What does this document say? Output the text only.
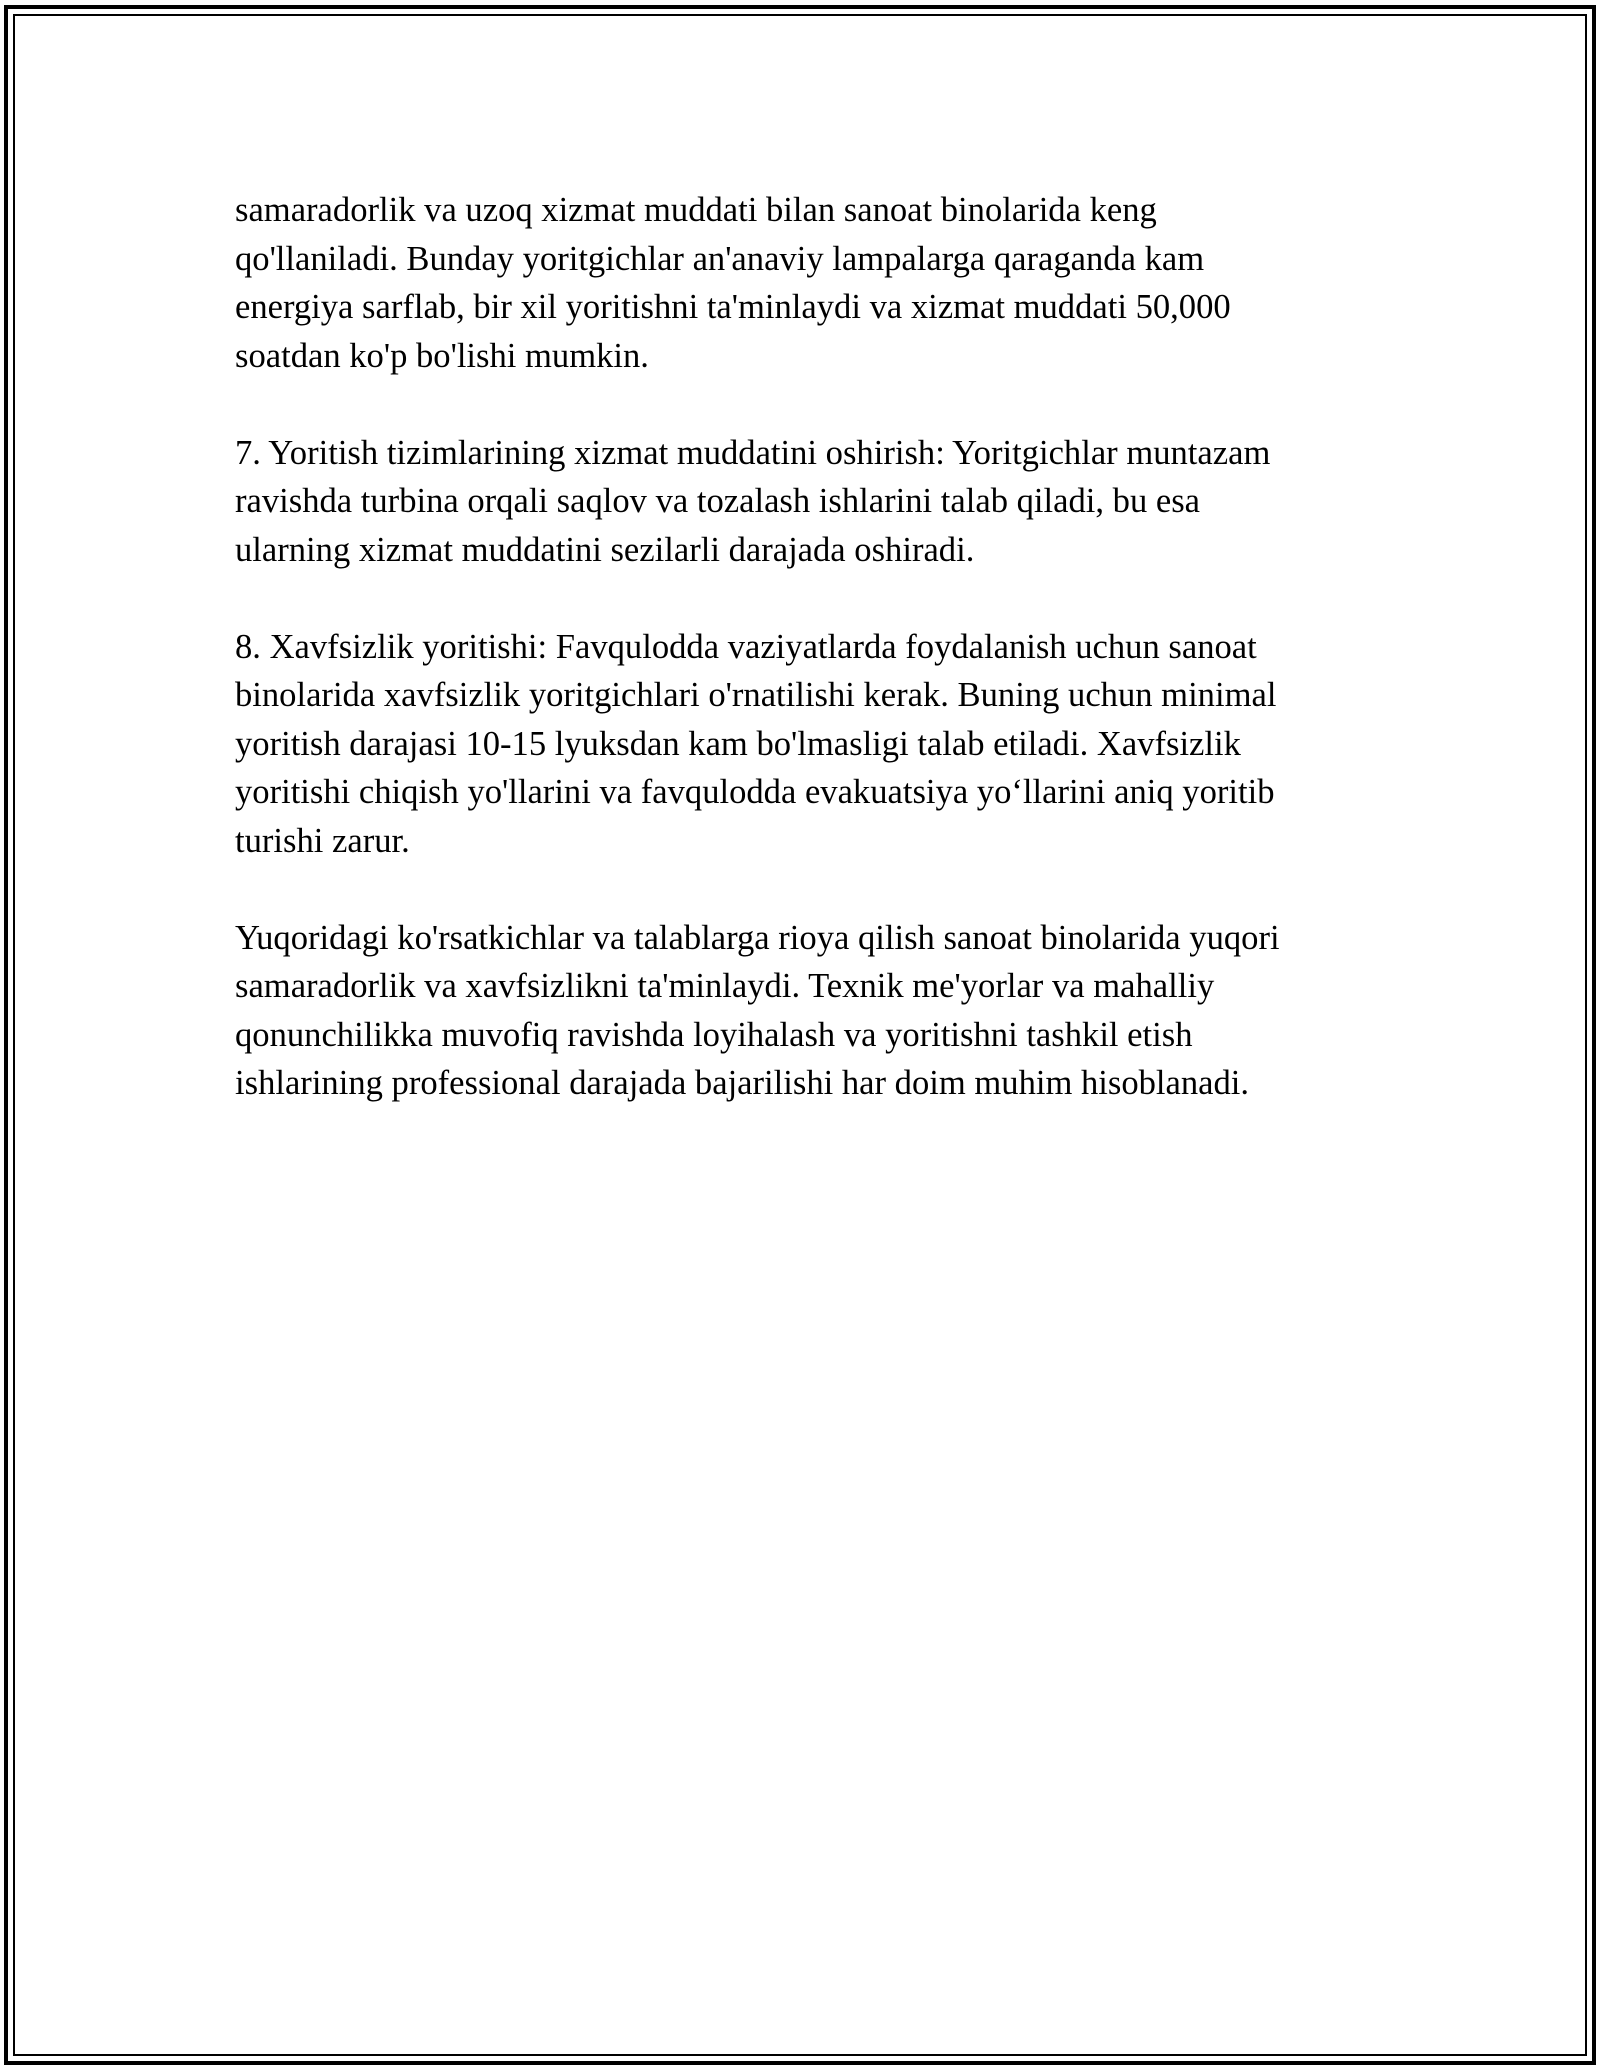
samaradorlik va uzoq xizmat muddati bilan sanoat binolarida keng
qo'llaniladi. Bunday yoritgichlar an'anaviy lampalarga qaraganda kam
energiya sarflab, bir xil yoritishni ta'minlaydi va xizmat muddati 50,000
soatdan ko'p bo'lishi mumkin.

7. Yoritish tizimlarining xizmat muddatini oshirish: Yoritgichlar muntazam
ravishda turbina orqali saqlov va tozalash ishlarini talab qiladi, bu esa
ularning xizmat muddatini sezilarli darajada oshiradi.

8. Xavfsizlik yoritishi: Favqulodda vaziyatlarda foydalanish uchun sanoat
binolarida xavfsizlik yoritgichlari o'rnatilishi kerak. Buning uchun minimal
yoritish darajasi 10-15 lyuksdan kam bo'lmasligi talab etiladi. Xavfsizlik
yoritishi chiqish yo'llarini va favqulodda evakuatsiya yo‘llarini aniq yoritib
turishi zarur.

Yuqoridagi ko'rsatkichlar va talablarga rioya qilish sanoat binolarida yuqori
samaradorlik va xavfsizlikni ta'minlaydi. Texnik me'yorlar va mahalliy
qonunchilikka muvofiq ravishda loyihalash va yoritishni tashkil etish
ishlarining professional darajada bajarilishi har doim muhim hisoblanadi.
